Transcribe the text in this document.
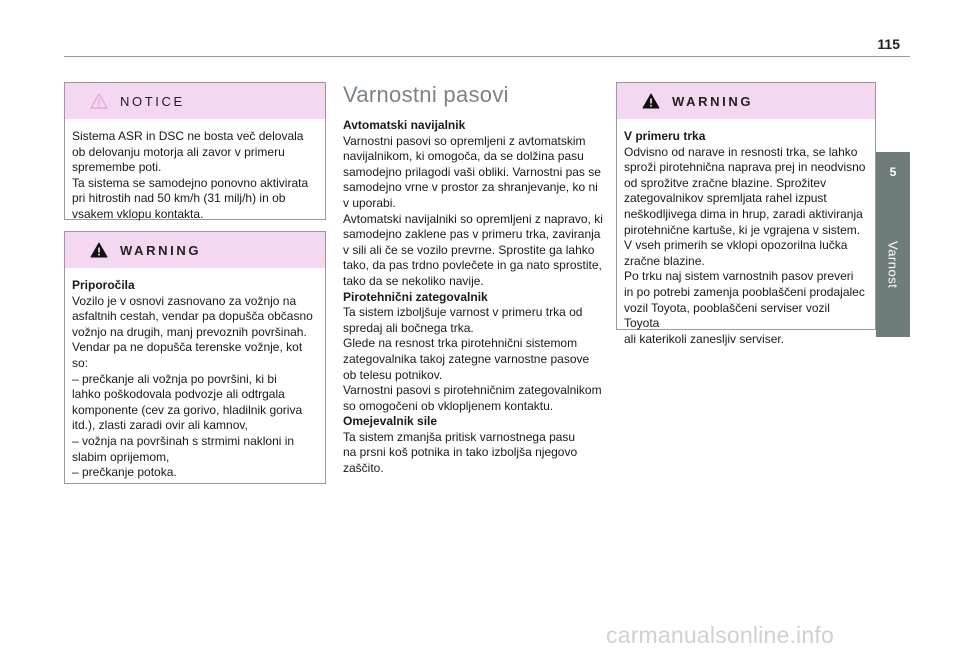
115
5
Varnost
NOTICE

Sistema ASR in DSC ne bosta več delovala

ob delovanju motorja ali zavor v primeru

spremembe poti.

Ta sistema se samodejno ponovno aktivirata

pri hitrostih nad 50 km/h (31 milj/h) in ob

vsakem vklopu kontakta.

WARNING

Priporočila

Vozilo je v osnovi zasnovano za vožnjo na

asfaltnih cestah, vendar pa dopušča občasno

vožnjo na drugih, manj prevoznih površinah.

Vendar pa ne dopušča terenske vožnje, kot

so:

– prečkanje ali vožnja po površini, ki bi

lahko poškodovala podvozje ali odtrgala

komponente (cev za gorivo, hladilnik goriva

itd.), zlasti zaradi ovir ali kamnov,

– vožnja na površinah s strmimi nakloni in

slabim oprijemom,

– prečkanje potoka.

Varnostni pasovi

Avtomatski navijalnik

Varnostni pasovi so opremljeni z avtomatskim

navijalnikom, ki omogoča, da se dolžina pasu

samodejno prilagodi vaši obliki. Varnostni pas se

samodejno vrne v prostor za shranjevanje, ko ni

v uporabi.

Avtomatski navijalniki so opremljeni z napravo, ki

samodejno zaklene pas v primeru trka, zaviranja

v sili ali če se vozilo prevrne. Sprostite ga lahko

tako, da pas trdno povlečete in ga nato sprostite,

tako da se nekoliko navije.

Pirotehnični zategovalnik

Ta sistem izboljšuje varnost v primeru trka od

spredaj ali bočnega trka.

Glede na resnost trka pirotehnični sistemom

zategovalnika takoj zategne varnostne pasove

ob telesu potnikov.

Varnostni pasovi s pirotehničnim zategovalnikom

so omogočeni ob vklopljenem kontaktu.

Omejevalnik sile

Ta sistem zmanjša pritisk varnostnega pasu

na prsni koš potnika in tako izboljša njegovo

zaščito.

WARNING

V primeru trka

Odvisno od narave in resnosti trka, se lahko

sproži pirotehnična naprava prej in neodvisno

od sprožitve zračne blazine. Sprožitev

zategovalnikov spremljata rahel izpust

neškodljivega dima in hrup, zaradi aktiviranja

pirotehnične kartuše, ki je vgrajena v sistem.

V vseh primerih se vklopi opozorilna lučka

zračne blazine.

Po trku naj sistem varnostnih pasov preveri

in po potrebi zamenja pooblaščeni prodajalec

vozil Toyota, pooblaščeni serviser vozil Toyota

ali katerikoli zanesljiv serviser.

carmanualsonline.info
